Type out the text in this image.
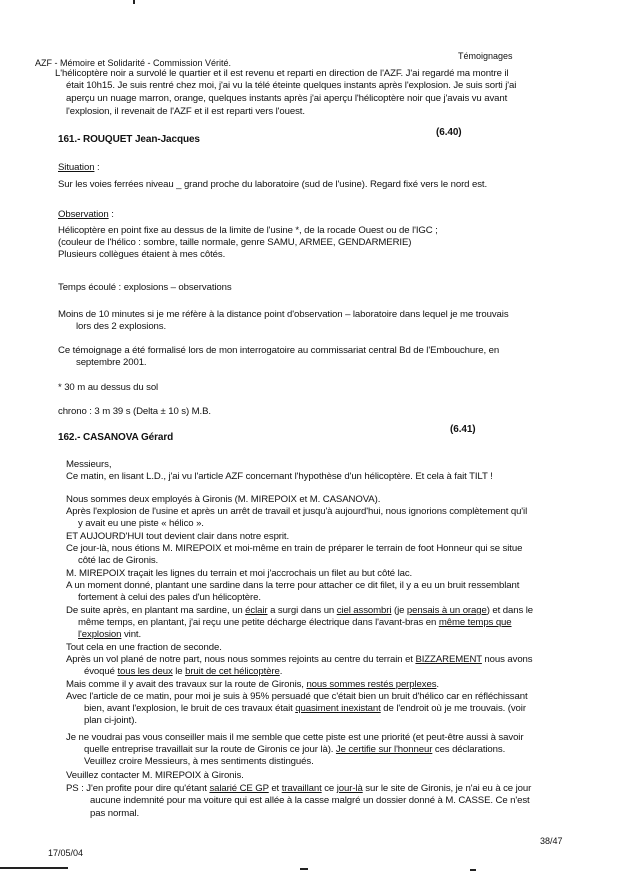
AZF - Mémoire et Solidarité - Commission Vérité.
Témoignages
L'hélicoptère noir a survolé le quartier et il est revenu et reparti en direction de l'AZF. J'ai regardé ma montre il
était 10h15. Je suis rentré chez moi, j'ai vu la télé éteinte quelques instants après l'explosion. Je suis sorti j'ai
aperçu un nuage marron, orange, quelques instants après j'ai aperçu l'hélicoptère noir que j'avais vu avant
l'explosion, il revenait de l'AZF et il est reparti vers l'ouest.
161.- ROUQUET Jean-Jacques
(6.40)
Situation :
Sur les voies ferrées niveau _ grand proche du laboratoire (sud de l'usine). Regard fixé vers le nord est.
Observation :
Hélicoptère en point fixe au dessus de la limite de l'usine *, de la rocade Ouest ou de l'IGC ;
(couleur de l'hélico : sombre, taille normale, genre SAMU, ARMEE, GENDARMERIE)
Plusieurs collègues étaient à mes côtés.
Temps écoulé : explosions – observations
Moins de 10 minutes si je me réfère à la distance point d'observation – laboratoire dans lequel je me trouvais
lors des 2 explosions.
Ce témoignage a été formalisé lors de mon interrogatoire au commissariat central Bd de l'Embouchure, en
septembre 2001.
* 30 m au dessus du sol
chrono : 3 m 39 s (Delta ± 10 s) M.B.
162.- CASANOVA Gérard
(6.41)
Messieurs,
Ce matin, en lisant L.D., j'ai vu l'article AZF concernant l'hypothèse d'un hélicoptère. Et cela à fait TILT !
Nous sommes deux employés à Gironis (M. MIREPOIX et M. CASANOVA).
Après l'explosion de l'usine et après un arrêt de travail et jusqu'à aujourd'hui, nous ignorions complètement qu'il
y avait eu une piste « hélico ».
ET AUJOURD'HUI tout devient clair dans notre esprit.
Ce jour-là, nous étions M. MIREPOIX et moi-même en train de préparer le terrain de foot Honneur qui se situe
côté lac de Gironis.
M. MIREPOIX traçait les lignes du terrain et moi j'accrochais un filet au but côté lac.
A un moment donné, plantant une sardine dans la terre pour attacher ce dit filet, il y a eu un bruit ressemblant
fortement à celui des pales d'un hélicoptère.
De suite après, en plantant ma sardine, un éclair a surgi dans un ciel assombri (je pensais à un orage) et dans le
même temps, en plantant, j'ai reçu une petite décharge électrique dans l'avant-bras en même temps que
l'explosion vint.
Tout cela en une fraction de seconde.
Après un vol plané de notre part, nous nous sommes rejoints au centre du terrain et BIZZAREMENT nous avons
évoqué tous les deux le bruit de cet hélicoptère.
Mais comme il y avait des travaux sur la route de Gironis, nous sommes restés perplexes.
Avec l'article de ce matin, pour moi je suis à 95% persuadé que c'était bien un bruit d'hélico car en réfléchissant
bien, avant l'explosion, le bruit de ces travaux était quasiment inexistant de l'endroit où je me trouvais. (voir
plan ci-joint).
Je ne voudrai pas vous conseiller mais il me semble que cette piste est une priorité (et peut-être aussi à savoir
quelle entreprise travaillait sur la route de Gironis ce jour là). Je certifie sur l'honneur ces déclarations.
Veuillez croire Messieurs, à mes sentiments distingués.
Veuillez contacter M. MIREPOIX à Gironis.
PS : J'en profite pour dire qu'étant salarié CE GP et travaillant ce jour-là sur le site de Gironis, je n'ai eu à ce jour
aucune indemnité pour ma voiture qui est allée à la casse malgré un dossier donné à M. CASSE. Ce n'est
pas normal.
17/05/04
38/47
